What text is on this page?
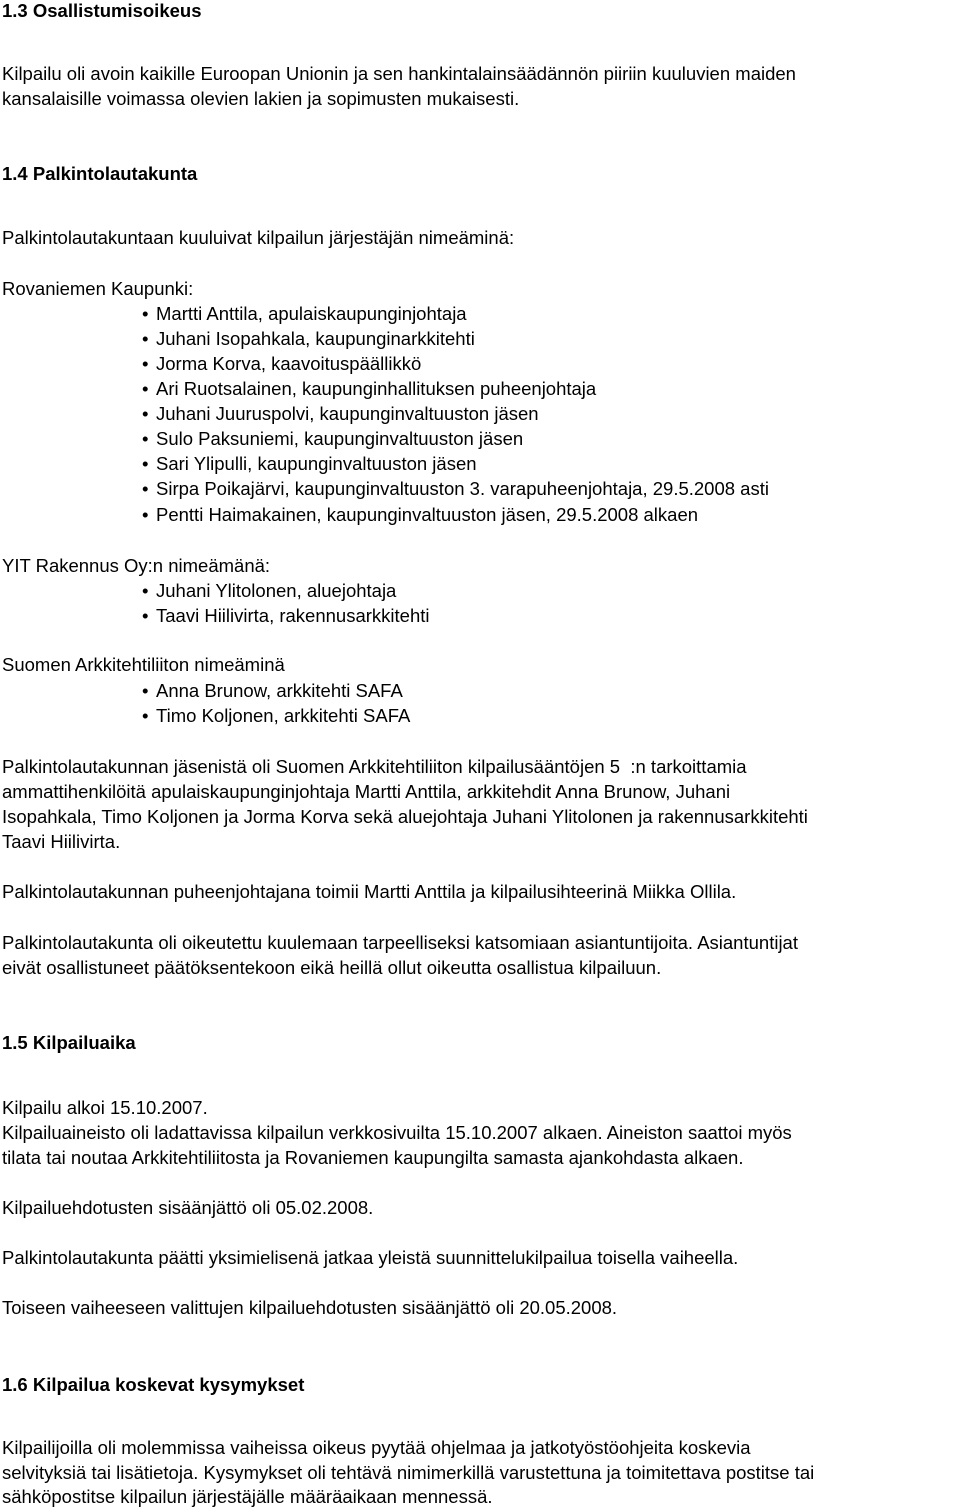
1.3 Osallistumisoikeus

Kilpailu oli avoin kaikille Euroopan Unionin ja sen hankintalainsäädännön piiriin kuuluvien maiden

kansalaisille voimassa olevien lakien ja sopimusten mukaisesti.

1.4 Palkintolautakunta

Palkintolautakuntaan kuuluivat kilpailun järjestäjän nimeäminä:

Rovaniemen Kaupunki:

• Martti Anttila, apulaiskaupunginjohtaja

• Juhani Isopahkala, kaupunginarkkitehti

• Jorma Korva, kaavoituspäällikkö

• Ari Ruotsalainen, kaupunginhallituksen puheenjohtaja

• Juhani Juuruspolvi, kaupunginvaltuuston jäsen

• Sulo Paksuniemi, kaupunginvaltuuston jäsen

• Sari Ylipulli, kaupunginvaltuuston jäsen

• Sirpa Poikajärvi, kaupunginvaltuuston 3. varapuheenjohtaja, 29.5.2008 asti

• Pentti Haimakainen, kaupunginvaltuuston jäsen, 29.5.2008 alkaen

YIT Rakennus Oy:n nimeämänä:

• Juhani Ylitolonen, aluejohtaja

• Taavi Hiilivirta, rakennusarkkitehti

Suomen Arkkitehtiliiton nimeäminä

• Anna Brunow, arkkitehti SAFA

• Timo Koljonen, arkkitehti SAFA

Palkintolautakunnan jäsenistä oli Suomen Arkkitehtiliiton kilpailusääntöjen 5  :n tarkoittamia

ammattihenkilöitä apulaiskaupunginjohtaja Martti Anttila, arkkitehdit Anna Brunow, Juhani

Isopahkala, Timo Koljonen ja Jorma Korva sekä aluejohtaja Juhani Ylitolonen ja rakennusarkkitehti

Taavi Hiilivirta.

Palkintolautakunnan puheenjohtajana toimii Martti Anttila ja kilpailusihteerinä Miikka Ollila.

Palkintolautakunta oli oikeutettu kuulemaan tarpeelliseksi katsomiaan asiantuntijoita. Asiantuntijat

eivät osallistuneet päätöksentekoon eikä heillä ollut oikeutta osallistua kilpailuun.

1.5 Kilpailuaika

Kilpailu alkoi 15.10.2007.

Kilpailuaineisto oli ladattavissa kilpailun verkkosivuilta 15.10.2007 alkaen. Aineiston saattoi myös

tilata tai noutaa Arkkitehtiliitosta ja Rovaniemen kaupungilta samasta ajankohdasta alkaen.

Kilpailuehdotusten sisäänjättö oli 05.02.2008.

Palkintolautakunta päätti yksimielisenä jatkaa yleistä suunnittelukilpailua toisella vaiheella.

Toiseen vaiheeseen valittujen kilpailuehdotusten sisäänjättö oli 20.05.2008.

1.6 Kilpailua koskevat kysymykset

Kilpailijoilla oli molemmissa vaiheissa oikeus pyytää ohjelmaa ja jatkotyöstöohjeita koskevia

selvityksiä tai lisätietoja. Kysymykset oli tehtävä nimimerkillä varustettuna ja toimitettava postitse tai

sähköpostitse kilpailun järjestäjälle määräaikaan mennessä.
